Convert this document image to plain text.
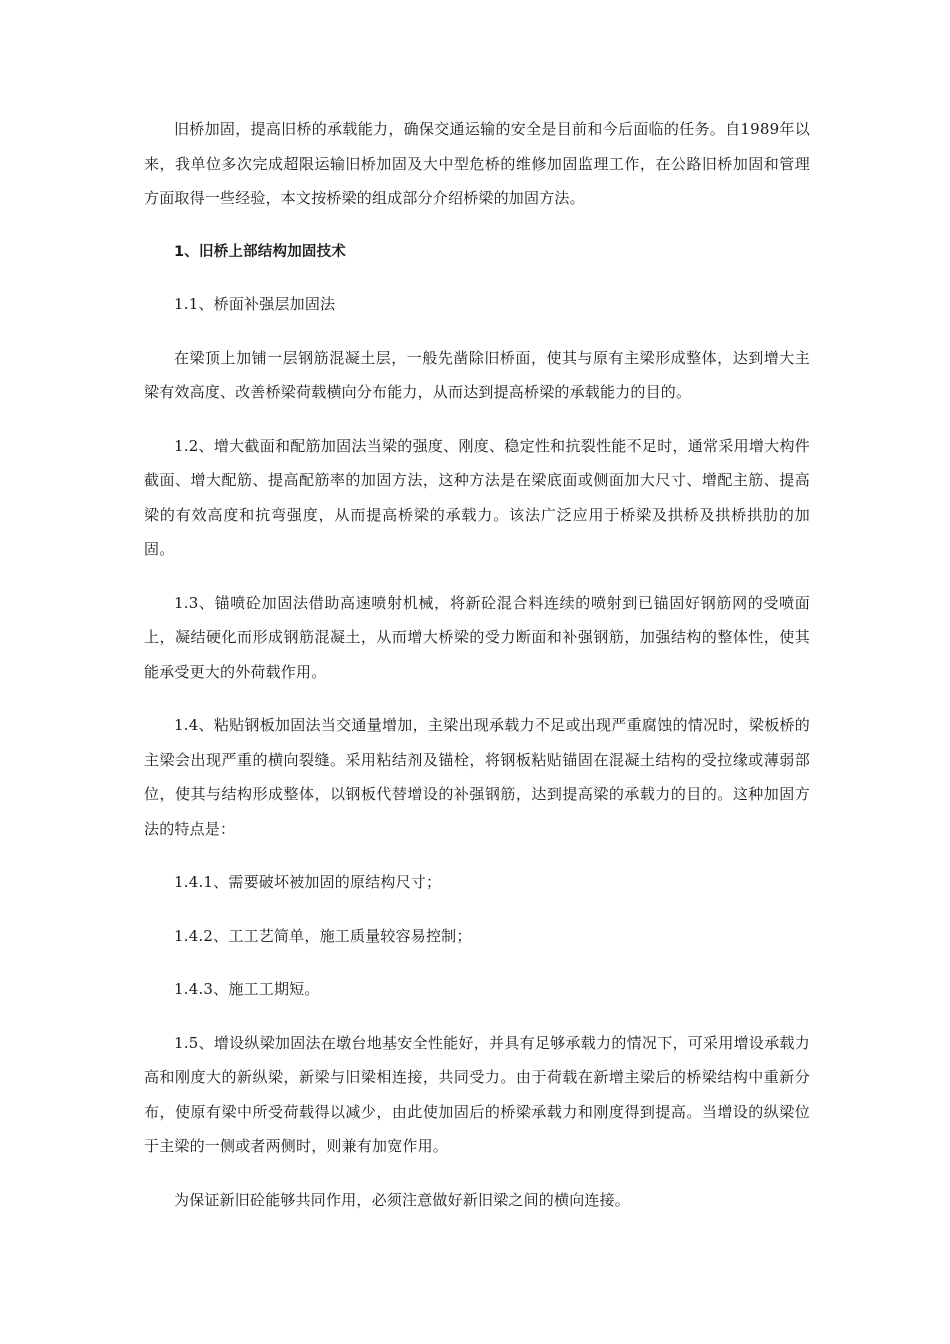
旧桥加固，提高旧桥的承载能力，确保交通运输的安全是目前和今后面临的任务。自1989年以来，我单位多次完成超限运输旧桥加固及大中型危桥的维修加固监理工作，在公路旧桥加固和管理方面取得一些经验，本文按桥梁的组成部分介绍桥梁的加固方法。

1、旧桥上部结构加固技术

1.1、桥面补强层加固法

在梁顶上加铺一层钢筋混凝土层，一般先凿除旧桥面，使其与原有主梁形成整体，达到增大主梁有效高度、改善桥梁荷载横向分布能力，从而达到提高桥梁的承载能力的目的。

1.2、增大截面和配筋加固法当梁的强度、刚度、稳定性和抗裂性能不足时，通常采用增大构件截面、增大配筋、提高配筋率的加固方法，这种方法是在梁底面或侧面加大尺寸、增配主筋、提高梁的有效高度和抗弯强度，从而提高桥梁的承载力。该法广泛应用于桥梁及拱桥及拱桥拱肋的加固。

1.3、锚喷砼加固法借助高速喷射机械，将新砼混合料连续的喷射到已锚固好钢筋网的受喷面上，凝结硬化而形成钢筋混凝土，从而增大桥梁的受力断面和补强钢筋，加强结构的整体性，使其能承受更大的外荷载作用。

1.4、粘贴钢板加固法当交通量增加，主梁出现承载力不足或出现严重腐蚀的情况时，梁板桥的主梁会出现严重的横向裂缝。采用粘结剂及锚栓，将钢板粘贴锚固在混凝土结构的受拉缘或薄弱部位，使其与结构形成整体，以钢板代替增设的补强钢筋，达到提高梁的承载力的目的。这种加固方法的特点是：

1.4.1、需要破坏被加固的原结构尺寸；

1.4.2、工工艺简单，施工质量较容易控制；

1.4.3、施工工期短。

1.5、增设纵梁加固法在墩台地基安全性能好，并具有足够承载力的情况下，可采用增设承载力高和刚度大的新纵梁，新梁与旧梁相连接，共同受力。由于荷载在新增主梁后的桥梁结构中重新分布，使原有梁中所受荷载得以减少，由此使加固后的桥梁承载力和刚度得到提高。当增设的纵梁位于主梁的一侧或者两侧时，则兼有加宽作用。

为保证新旧砼能够共同作用，必须注意做好新旧梁之间的横向连接。
